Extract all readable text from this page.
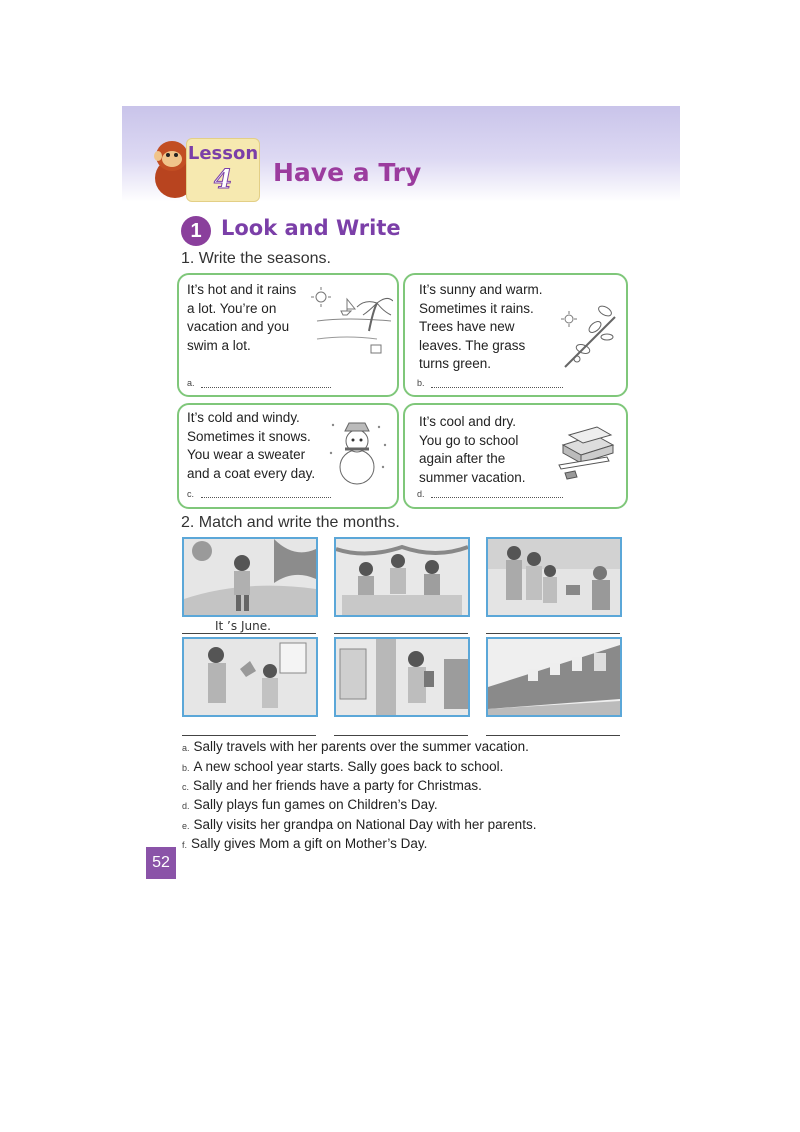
Lesson
4	Have a Try
1 Look and Write
1. Write the seasons.
It’s hot and it rains
a lot. You’re on
vacation and you
swim a lot.
a.
It’s sunny and warm.
Sometimes it rains.
Trees have new
leaves. The grass
turns green.
b.
It’s cold and windy.
Sometimes it snows.
You wear a sweater
and a coat every day.
c.
It’s cool and dry.
You go to school
again after the
summer vacation.
d.
2. Match and write the months.
It ’s June.
a. Sally travels with her parents over the summer vacation.
b. A new school year starts. Sally goes back to school.
c. Sally and her friends have a party for Christmas.
d. Sally plays fun games on Children’s Day.
e. Sally visits her grandpa on National Day with her parents.
f. Sally gives Mom a gift on Mother’s Day.
52
